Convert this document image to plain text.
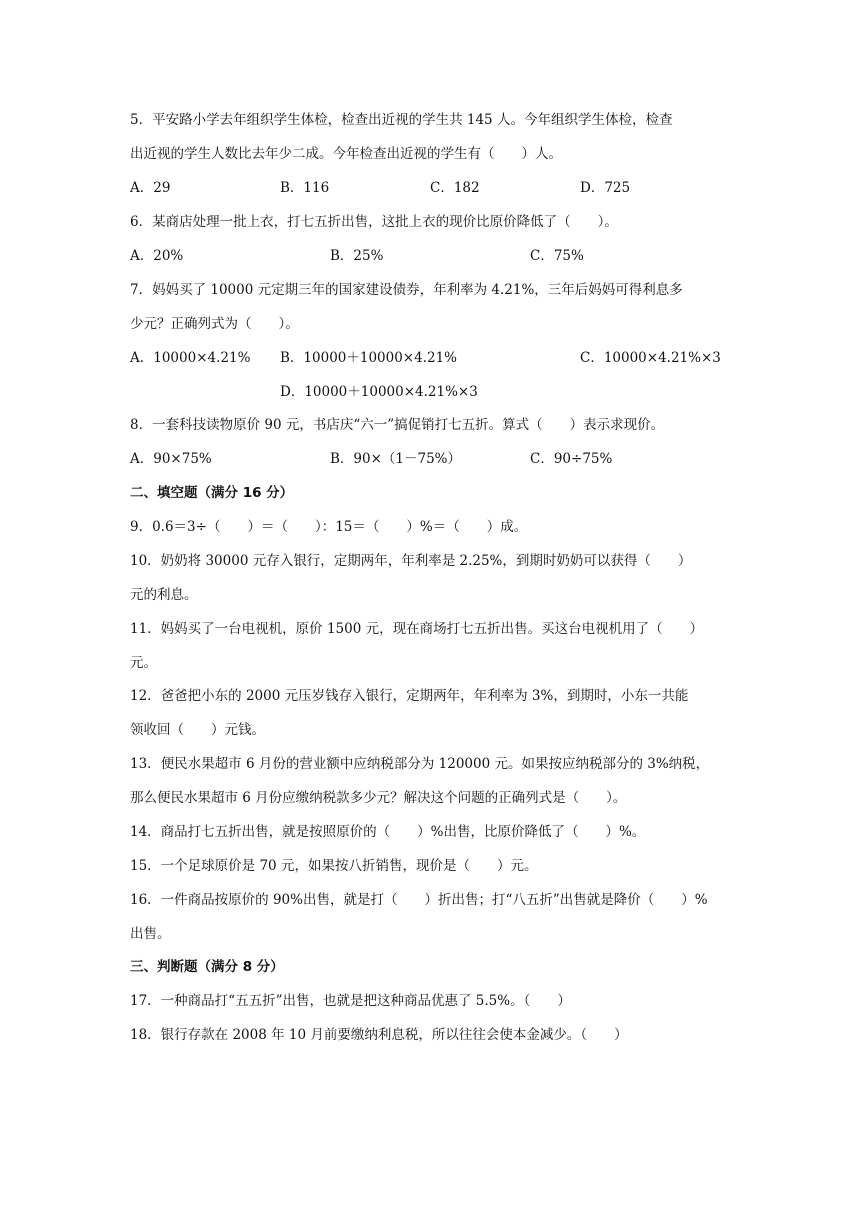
5．平安路小学去年组织学生体检，检查出近视的学生共 145 人。今年组织学生体检，检查
出近视的学生人数比去年少二成。今年检查出近视的学生有（　　）人。
A．29	B．116	C．182	D．725
6．某商店处理一批上衣，打七五折出售，这批上衣的现价比原价降低了（　　）。
A．20%	B．25%	C．75%
7．妈妈买了 10000 元定期三年的国家建设债券，年利率为 4.21%，三年后妈妈可得利息多
少元？正确列式为（　　）。
A．10000×4.21% B．10000＋10000×4.21%	C．10000×4.21%×3
D．10000＋10000×4.21%×3
8．一套科技读物原价 90 元，书店庆“六一”搞促销打七五折。算式（　　）表示求现价。
A．90×75%	B．90×（1－75%）	C．90÷75%
二、填空题（满分 16 分）
9．0.6＝3÷（　　）＝（　　）：15＝（　　）%＝（　　）成。
10．奶奶将 30000 元存入银行，定期两年，年利率是 2.25%，到期时奶奶可以获得（　　）
元的利息。
11．妈妈买了一台电视机，原价 1500 元，现在商场打七五折出售。买这台电视机用了（　　）
元。
12．爸爸把小东的 2000 元压岁钱存入银行，定期两年，年利率为 3%，到期时，小东一共能
领收回（　　）元钱。
13．便民水果超市 6 月份的营业额中应纳税部分为 120000 元。如果按应纳税部分的 3%纳税，
那么便民水果超市 6 月份应缴纳税款多少元？解决这个问题的正确列式是（　　）。
14．商品打七五折出售，就是按照原价的（　　）%出售，比原价降低了（　　）%。
15．一个足球原价是 70 元，如果按八折销售，现价是（　　）元。
16．一件商品按原价的 90%出售，就是打（　　）折出售；打“八五折”出售就是降价（　　）%
出售。
三、判断题（满分 8 分）
17．一种商品打“五五折”出售，也就是把这种商品优惠了 5.5%。（　　）
18．银行存款在 2008 年 10 月前要缴纳利息税，所以往往会使本金减少。（　　）
